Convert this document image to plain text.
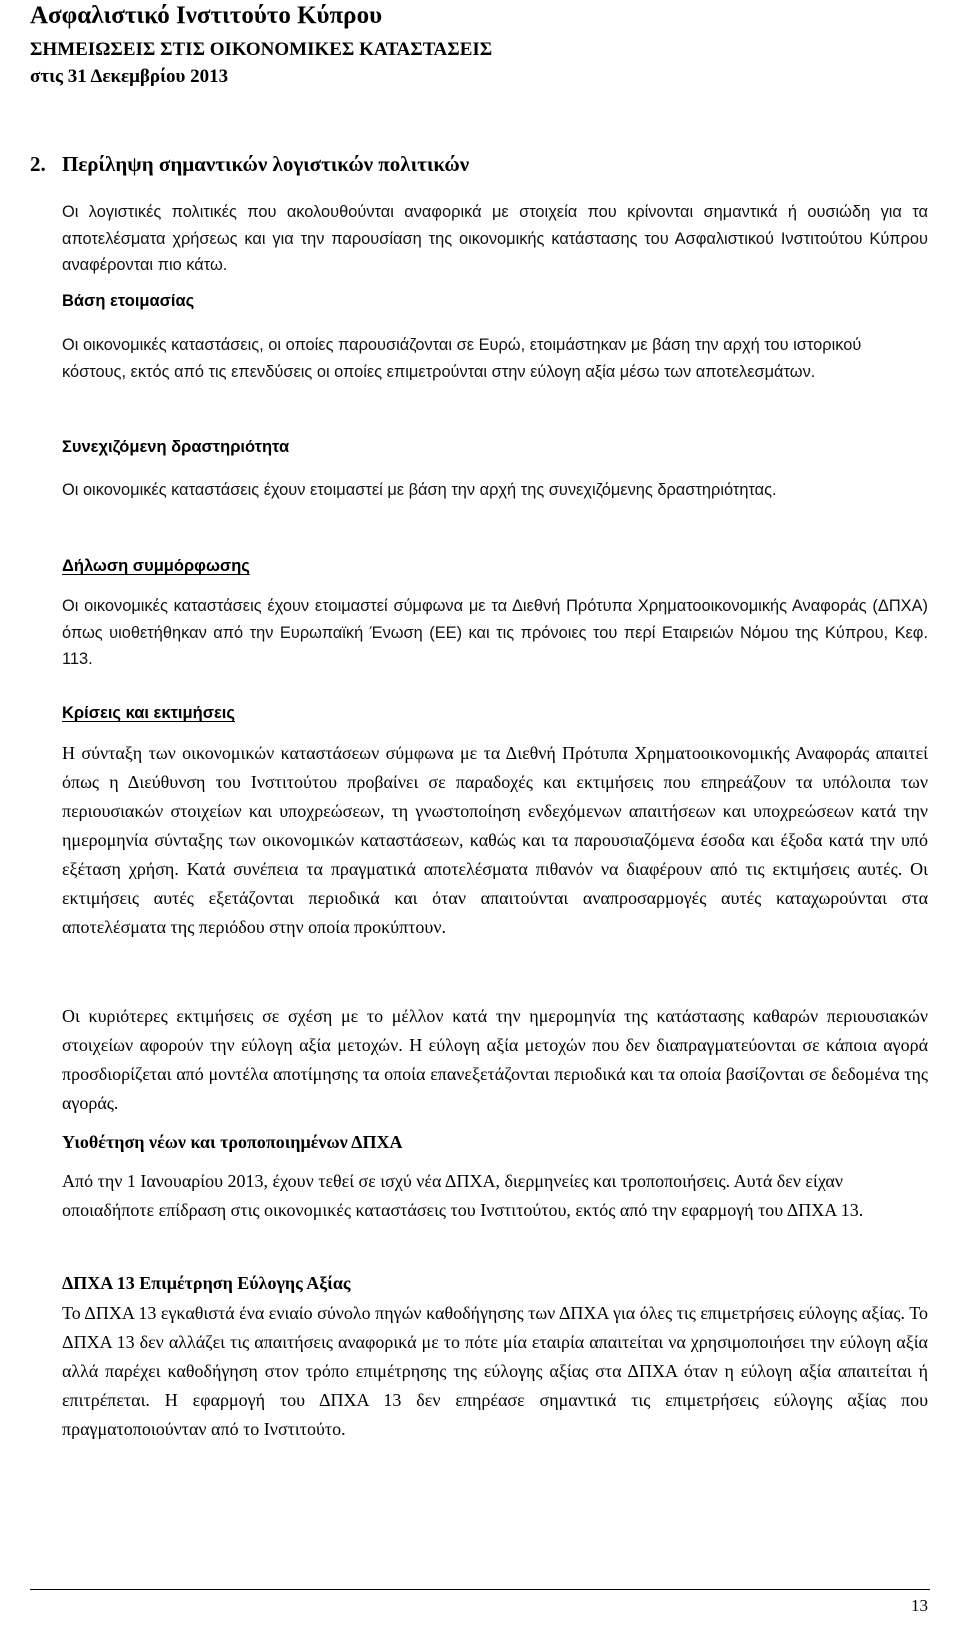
Ασφαλιστικό Ινστιτούτο Κύπρου
ΣΗΜΕΙΩΣΕΙΣ ΣΤΙΣ ΟΙΚΟΝΟΜΙΚΕΣ ΚΑΤΑΣΤΑΣΕΙΣ
στις 31 Δεκεμβρίου 2013
2. Περίληψη σημαντικών λογιστικών πολιτικών
Οι λογιστικές πολιτικές που ακολουθούνται αναφορικά με στοιχεία που κρίνονται σημαντικά ή ουσιώδη για τα αποτελέσματα χρήσεως και για την παρουσίαση της οικονομικής κατάστασης του Ασφαλιστικού Ινστιτούτου Κύπρου αναφέρονται πιο κάτω.
Βάση ετοιμασίας
Οι οικονομικές καταστάσεις, οι οποίες παρουσιάζονται σε Ευρώ, ετοιμάστηκαν με βάση την αρχή του ιστορικού κόστους, εκτός από τις επενδύσεις οι οποίες επιμετρούνται στην εύλογη αξία μέσω των αποτελεσμάτων.
Συνεχιζόμενη δραστηριότητα
Οι οικονομικές καταστάσεις έχουν ετοιμαστεί με βάση την αρχή της συνεχιζόμενης δραστηριότητας.
Δήλωση συμμόρφωσης
Οι οικονομικές καταστάσεις έχουν ετοιμαστεί σύμφωνα με τα Διεθνή Πρότυπα Χρηματοοικονομικής Αναφοράς (ΔΠΧΑ) όπως υιοθετήθηκαν από την Ευρωπαϊκή Ένωση (ΕΕ) και τις πρόνοιες του περί Εταιρειών Νόμου της Κύπρου, Κεφ. 113.
Κρίσεις και εκτιμήσεις
Η σύνταξη των οικονομικών καταστάσεων σύμφωνα με τα Διεθνή Πρότυπα Χρηματοοικονομικής Αναφοράς απαιτεί όπως η Διεύθυνση του Ινστιτούτου προβαίνει σε παραδοχές και εκτιμήσεις που επηρεάζουν τα υπόλοιπα των περιουσιακών στοιχείων και υποχρεώσεων, τη γνωστοποίηση ενδεχόμενων απαιτήσεων και υποχρεώσεων κατά την ημερομηνία σύνταξης των οικονομικών καταστάσεων, καθώς και τα παρουσιαζόμενα έσοδα και έξοδα κατά την υπό εξέταση χρήση. Κατά συνέπεια τα πραγματικά αποτελέσματα πιθανόν να διαφέρουν από τις εκτιμήσεις αυτές. Οι εκτιμήσεις αυτές εξετάζονται περιοδικά και όταν απαιτούνται αναπροσαρμογές αυτές καταχωρούνται στα αποτελέσματα της περιόδου στην οποία προκύπτουν.
Οι κυριότερες εκτιμήσεις σε σχέση με το μέλλον κατά την ημερομηνία της κατάστασης καθαρών περιουσιακών στοιχείων αφορούν την εύλογη αξία μετοχών. Η εύλογη αξία μετοχών που δεν διαπραγματεύονται σε κάποια αγορά προσδιορίζεται από μοντέλα αποτίμησης τα οποία επανεξετάζονται περιοδικά και τα οποία βασίζονται σε δεδομένα της αγοράς.
Υιοθέτηση νέων και τροποποιημένων ΔΠΧΑ
Από την 1 Ιανουαρίου 2013, έχουν τεθεί σε ισχύ νέα ΔΠΧΑ, διερμηνείες και τροποποιήσεις. Αυτά δεν είχαν οποιαδήποτε επίδραση στις οικονομικές καταστάσεις του Ινστιτούτου, εκτός από την εφαρμογή του ΔΠΧΑ 13.
ΔΠΧΑ 13 Επιμέτρηση Εύλογης Αξίας
Το ΔΠΧΑ 13 εγκαθιστά ένα ενιαίο σύνολο πηγών καθοδήγησης των ΔΠΧΑ για όλες τις επιμετρήσεις εύλογης αξίας. Το ΔΠΧΑ 13 δεν αλλάζει τις απαιτήσεις αναφορικά με το πότε μία εταιρία απαιτείται να χρησιμοποιήσει την εύλογη αξία αλλά παρέχει καθοδήγηση στον τρόπο επιμέτρησης της εύλογης αξίας στα ΔΠΧΑ όταν η εύλογη αξία απαιτείται ή επιτρέπεται. Η εφαρμογή του ΔΠΧΑ 13 δεν επηρέασε σημαντικά τις επιμετρήσεις εύλογης αξίας που πραγματοποιούνταν από το Ινστιτούτο.
13
